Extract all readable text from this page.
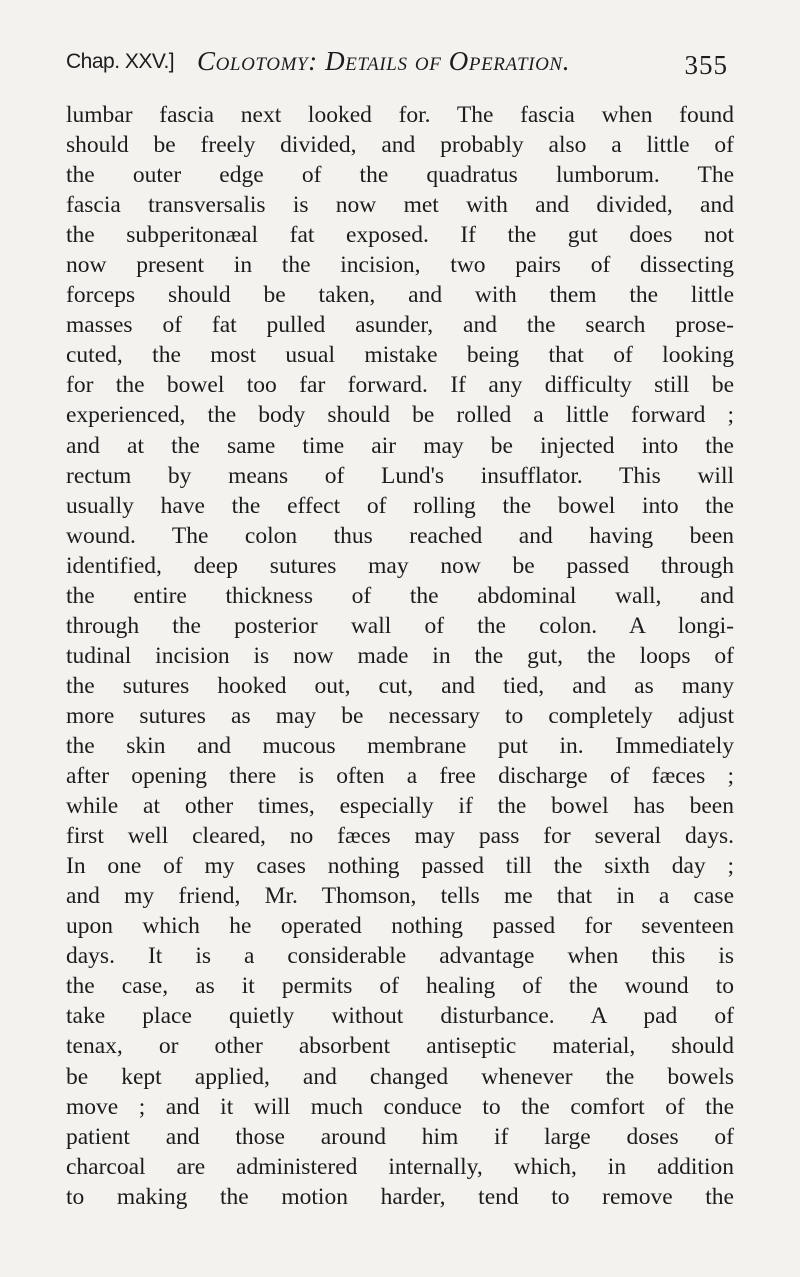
Chap. XXV.] Colotomy: Details of Operation.	355
lumbar fascia next looked for. The fascia when found
should be freely divided, and probably also a little of
the outer edge of the quadratus lumborum. The
fascia transversalis is now met with and divided, and
the subperitonæal fat exposed. If the gut does not
now present in the incision, two pairs of dissecting
forceps should be taken, and with them the little
masses of fat pulled asunder, and the search prose-
cuted, the most usual mistake being that of looking
for the bowel too far forward. If any difficulty still be
experienced, the body should be rolled a little forward ;
and at the same time air may be injected into the
rectum by means of Lund's insufflator. This will
usually have the effect of rolling the bowel into the
wound. The colon thus reached and having been
identified, deep sutures may now be passed through
the entire thickness of the abdominal wall, and
through the posterior wall of the colon. A longi-
tudinal incision is now made in the gut, the loops of
the sutures hooked out, cut, and tied, and as many
more sutures as may be necessary to completely adjust
the skin and mucous membrane put in. Immediately
after opening there is often a free discharge of fæces ;
while at other times, especially if the bowel has been
first well cleared, no fæces may pass for several days.
In one of my cases nothing passed till the sixth day ;
and my friend, Mr. Thomson, tells me that in a case
upon which he operated nothing passed for seventeen
days. It is a considerable advantage when this is
the case, as it permits of healing of the wound to
take place quietly without disturbance. A pad of
tenax, or other absorbent antiseptic material, should
be kept applied, and changed whenever the bowels
move ; and it will much conduce to the comfort of the
patient and those around him if large doses of
charcoal are administered internally, which, in addition
to making the motion harder, tend to remove the
